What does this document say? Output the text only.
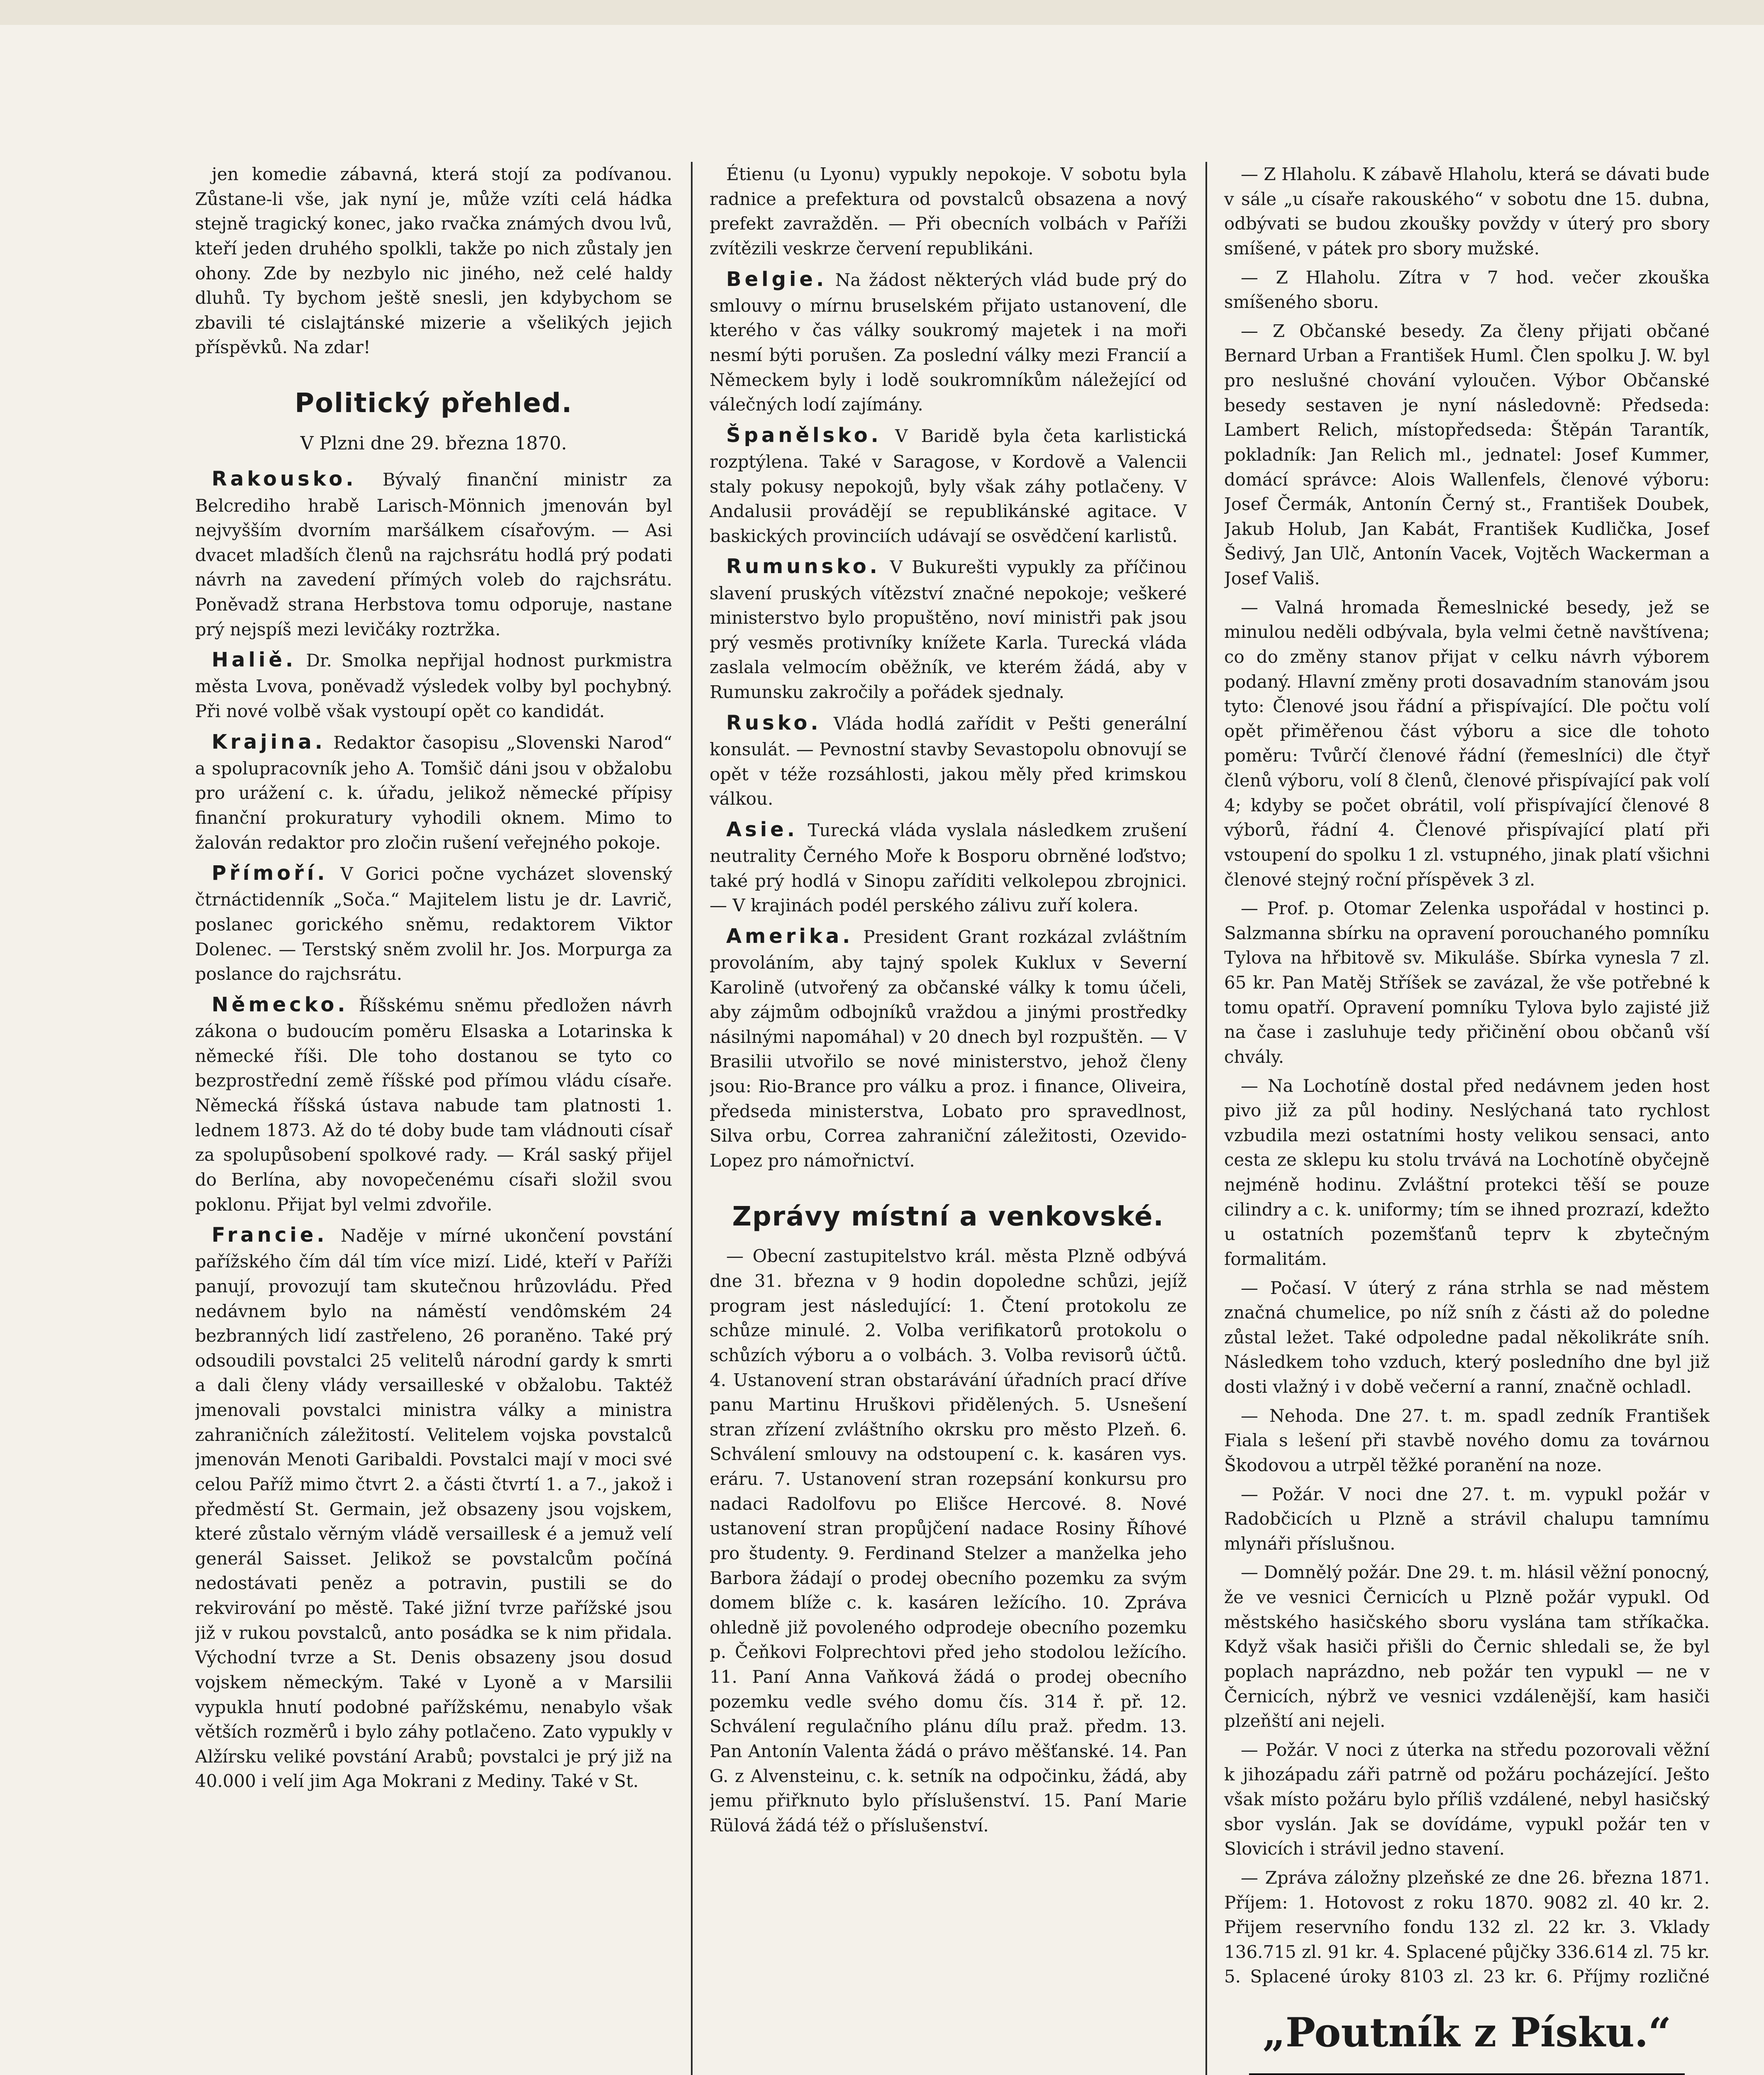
jen komedie zábavná, která stojí za podívanou. Zůstane-li vše, jak nyní je, může vzíti celá hádka stejně tragický konec, jako rvačka známých dvou lvů, kteří jeden druhého spolkli, takže po nich zůstaly jen ohony. Zde by nezbylo nic jiného, než celé haldy dluhů. Ty bychom ještě snesli, jen kdybychom se zbavili té cislajtánské mizerie a všelikých jejich příspěvků. Na zdar!

Politický přehled.
V Plzni dne 29. března 1870.

Rakousko. Bývalý finanční ministr za Belcrediho hrabě Larisch-Mönnich jmenován byl nejvyšším dvorním maršálkem císařovým. — Asi dvacet mladších členů na rajchsrátu hodlá prý podati návrh na zavedení přímých voleb do rajchsrátu. Poněvadž strana Herbstova tomu odporuje, nastane prý nejspíš mezi levičáky roztržka.

Haliě. Dr. Smolka nepřijal hodnost purkmistra města Lvova, poněvadž výsledek volby byl pochybný. Při nové volbě však vystoupí opět co kandidát.

Krajina. Redaktor časopisu „Slovenski Narod“ a spolupracovník jeho A. Tomšič dáni jsou v obžalobu pro urážení c. k. úřadu, jelikož německé přípisy finanční prokuratury vyhodili oknem. Mimo to žalován redaktor pro zločin rušení veřejného pokoje.

Přímoří. V Gorici počne vycházet slovenský čtrnáctidenník „Soča.“ Majitelem listu je dr. Lavrič, poslanec gorického sněmu, redaktorem Viktor Dolenec. — Terstský sněm zvolil hr. Jos. Morpurga za poslance do rajchsrátu.

Německo. Říšskému sněmu předložen návrh zákona o budoucím poměru Elsaska a Lotarinska k německé říši. Dle toho dostanou se tyto co bezprostřední země říšské pod přímou vládu císaře. Německá říšská ústava nabude tam platnosti 1. lednem 1873. Až do té doby bude tam vládnouti císař za spolupůsobení spolkové rady. — Král saský přijel do Berlína, aby novopečenému císaři složil svou poklonu. Přijat byl velmi zdvořile.

Francie. Naděje v mírné ukončení povstání pařížského čím dál tím více mizí. Lidé, kteří v Paříži panují, provozují tam skutečnou hrůzovládu. Před nedávnem bylo na náměstí vendômském 24 bezbranných lidí zastřeleno, 26 poraněno. Také prý odsoudili povstalci 25 velitelů národní gardy k smrti a dali členy vlády versailleské v obžalobu. Taktéž jmenovali povstalci ministra války a ministra zahraničních záležitostí. Velitelem vojska povstalců jmenován Menoti Garibaldi. Povstalci mají v moci své celou Paříž mimo čtvrt 2. a části čtvrtí 1. a 7., jakož i předměstí St. Germain, jež obsazeny jsou vojskem, které zůstalo věrným vládě versaillesk é a jemuž velí generál Saisset. Jelikož se povstalcům počíná nedostávati peněz a potravin, pustili se do rekvirování po městě. Také jižní tvrze pařížské jsou již v rukou povstalců, anto posádka se k nim přidala. Východní tvrze a St. Denis obsazeny jsou dosud vojskem německým. Také v Lyoně a v Marsilii vypukla hnutí podobné pařížskému, nenabylo však větších rozměrů i bylo záhy potlačeno. Zato vypukly v Alžírsku veliké povstání Arabů; povstalci je prý již na 40.000 i velí jim Aga Mokrani z Mediny. Také v St.

Étienu (u Lyonu) vypukly nepokoje. V sobotu byla radnice a prefektura od povstalců obsazena a nový prefekt zavražděn. — Při obecních volbách v Paříži zvítězili veskrze červení republikáni.

Belgie. Na žádost některých vlád bude prý do smlouvy o mírnu bruselském přijato ustanovení, dle kterého v čas války soukromý majetek i na moři nesmí býti porušen. Za poslední války mezi Francií a Německem byly i lodě soukromníkům náležející od válečných lodí zajímány.

Španělsko. V Baridě byla četa karlistická rozptýlena. Také v Saragose, v Kordově a Valencii staly pokusy nepokojů, byly však záhy potlačeny. V Andalusii provádějí se republikánské agitace. V baskických provinciích udávají se osvědčení karlistů.

Rumunsko. V Bukurešti vypukly za příčinou slavení pruských vítězství značné nepokoje; veškeré ministerstvo bylo propuštěno, noví ministři pak jsou prý vesměs protivníky knížete Karla. Turecká vláda zaslala velmocím oběžník, ve kterém žádá, aby v Rumunsku zakročily a pořádek sjednaly.

Rusko. Vláda hodlá zařídit v Pešti generální konsulát. — Pevnostní stavby Sevastopolu obnovují se opět v téže rozsáhlosti, jakou měly před krimskou válkou.

Asie. Turecká vláda vyslala následkem zrušení neutrality Černého Moře k Bosporu obrněné loďstvo; také prý hodlá v Sinopu zaříditi velkolepou zbrojnici. — V krajinách podél perského zálivu zuří kolera.

Amerika. President Grant rozkázal zvláštním provoláním, aby tajný spolek Kuklux v Severní Karolině (utvořený za občanské války k tomu účeli, aby zájmům odbojníků vraždou a jinými prostředky násilnými napomáhal) v 20 dnech byl rozpuštěn. — V Brasilii utvořilo se nové ministerstvo, jehož členy jsou: Rio-Brance pro válku a proz. i finance, Oliveira, předseda ministerstva, Lobato pro spravedlnost, Silva orbu, Correa zahraniční záležitosti, Ozevido-Lopez pro námořnictví.

Zprávy místní a venkovské.

— Obecní zastupitelstvo král. města Plzně odbývá dne 31. března v 9 hodin dopoledne schůzi, jejíž program jest následující: 1. Čtení protokolu ze schůze minulé. 2. Volba verifikatorů protokolu o schůzích výboru a o volbách. 3. Volba revisorů účtů. 4. Ustanovení stran obstarávání úřadních prací dříve panu Martinu Hruškovi přidělených. 5. Usnešení stran zřízení zvláštního okrsku pro město Plzeň. 6. Schválení smlouvy na odstoupení c. k. kasáren vys. eráru. 7. Ustanovení stran rozepsání konkursu pro nadaci Radolfovu po Elišce Hercové. 8. Nové ustanovení stran propůjčení nadace Rosiny Říhové pro študenty. 9. Ferdinand Stelzer a manželka jeho Barbora žádají o prodej obecního pozemku za svým domem blíže c. k. kasáren ležícího. 10. Zpráva ohledně již povoleného odprodeje obecního pozemku p. Čeňkovi Folprechtovi před jeho stodolou ležícího. 11. Paní Anna Vaňková žádá o prodej obecního pozemku vedle svého domu čís. 314 ř. př. 12. Schválení regulačního plánu dílu praž. předm. 13. Pan Antonín Valenta žádá o právo měšťanské. 14. Pan G. z Alvensteinu, c. k. setník na odpočinku, žádá, aby jemu přiřknuto bylo příslušenství. 15. Paní Marie Rülová žádá též o příslušenství.

— Z Hlaholu. K zábavě Hlaholu, která se dávati bude v sále „u císaře rakouského“ v sobotu dne 15. dubna, odbývati se budou zkoušky povždy v úterý pro sbory smíšené, v pátek pro sbory mužské.

— Z Hlaholu. Zítra v 7 hod. večer zkouška smíšeného sboru.

— Z Občanské besedy. Za členy přijati občané Bernard Urban a František Huml. Člen spolku J. W. byl pro neslušné chování vyloučen. Výbor Občanské besedy sestaven je nyní následovně: Předseda: Lambert Relich, místopředseda: Štěpán Tarantík, pokladník: Jan Relich ml., jednatel: Josef Kummer, domácí správce: Alois Wallenfels, členové výboru: Josef Čermák, Antonín Černý st., František Doubek, Jakub Holub, Jan Kabát, František Kudlička, Josef Šedivý, Jan Ulč, Antonín Vacek, Vojtěch Wackerman a Josef Vališ.

— Valná hromada Řemeslnické besedy, jež se minulou neděli odbývala, byla velmi četně navštívena; co do změny stanov přijat v celku návrh výborem podaný. Hlavní změny proti dosavadním stanovám jsou tyto: Členové jsou řádní a přispívající. Dle počtu volí opět přiměřenou část výboru a sice dle tohoto poměru: Tvůrčí členové řádní (řemeslníci) dle čtyř členů výboru, volí 8 členů, členové přispívající pak volí 4; kdyby se počet obrátil, volí přispívající členové 8 výborů, řádní 4. Členové přispívající platí při vstoupení do spolku 1 zl. vstupného, jinak platí všichni členové stejný roční příspěvek 3 zl.

— Prof. p. Otomar Zelenka uspořádal v hostinci p. Salzmanna sbírku na opravení porouchaného pomníku Tylova na hřbitově sv. Mikuláše. Sbírka vynesla 7 zl. 65 kr. Pan Matěj Stříšek se zavázal, že vše potřebné k tomu opatří. Opravení pomníku Tylova bylo zajisté již na čase i zasluhuje tedy přičinění obou občanů vší chvály.

— Na Lochotíně dostal před nedávnem jeden host pivo již za půl hodiny. Neslýchaná tato rychlost vzbudila mezi ostatními hosty velikou sensaci, anto cesta ze sklepu ku stolu trvává na Lochotíně obyčejně nejméně hodinu. Zvláštní protekci těší se pouze cilindry a c. k. uniformy; tím se ihned prozrazí, kdežto u ostatních pozemšťanů teprv k zbytečným formalitám.

— Počasí. V úterý z rána strhla se nad městem značná chumelice, po níž sníh z části až do poledne zůstal ležet. Také odpoledne padal několikráte sníh. Následkem toho vzduch, který posledního dne byl již dosti vlažný i v době večerní a ranní, značně ochladl.

— Nehoda. Dne 27. t. m. spadl zedník František Fiala s lešení při stavbě nového domu za továrnou Škodovou a utrpěl těžké poranění na noze.

— Požár. V noci dne 27. t. m. vypukl požár v Radobčicích u Plzně a strávil chalupu tamnímu mlynáři příslušnou.

— Domnělý požár. Dne 29. t. m. hlásil věžní ponocný, že ve vesnici Černicích u Plzně požár vypukl. Od městského hasičského sboru vyslána tam stříkačka. Když však hasiči přišli do Černic shledali se, že byl poplach naprázdno, neb požár ten vypukl — ne v Černicích, nýbrž ve vesnici vzdálenější, kam hasiči plzeňští ani nejeli.

— Požár. V noci z úterka na středu pozorovali věžní k jihozápadu záři patrně od požáru pocházející. Ješto však místo požáru bylo příliš vzdálené, nebyl hasičský sbor vyslán. Jak se dovídáme, vypukl požár ten v Slovicích i strávil jedno stavení.

— Zpráva záložny plzeňské ze dne 26. března 1871. Příjem: 1. Hotovost z roku 1870. 9082 zl. 40 kr. 2. Přijem reservního fondu 132 zl. 22 kr. 3. Vklady 136.715 zl. 91 kr. 4. Splacené půjčky 336.614 zl. 75 kr. 5. Splacené úroky 8103 zl. 23 kr. 6. Příjmy rozličné

„Poutník z Písku.“
